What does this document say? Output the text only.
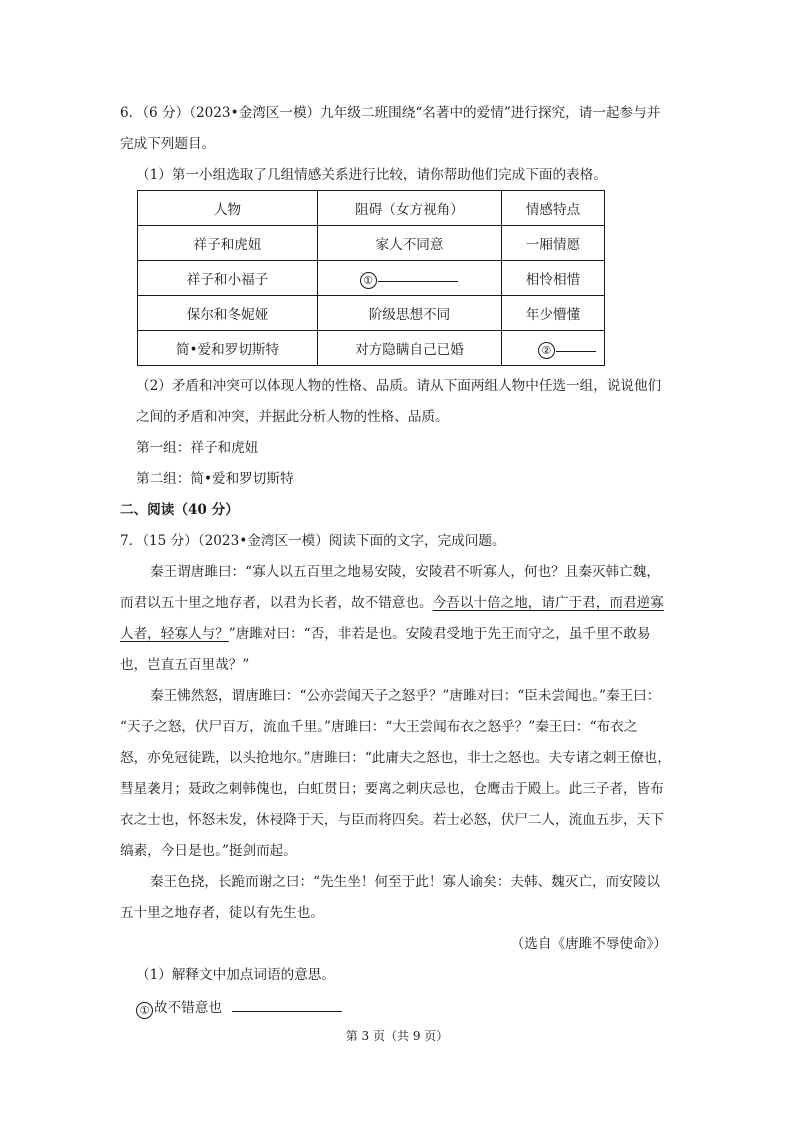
6．（6 分）（2023•金湾区一模）九年级二班围绕“名著中的爱情”进行探究，请一起参与并
完成下列题目。
（1）第一小组选取了几组情感关系进行比较，请你帮助他们完成下面的表格。
人物	阻碍（女方视角）	情感特点
祥子和虎妞	家人不同意	一厢情愿
祥子和小福子	①	相怜相惜
保尔和冬妮娅	阶级思想不同	年少懵懂
简•爱和罗切斯特	对方隐瞒自己已婚	②
（2）矛盾和冲突可以体现人物的性格、品质。请从下面两组人物中任选一组，说说他们
之间的矛盾和冲突，并据此分析人物的性格、品质。
第一组：祥子和虎妞
第二组：简•爱和罗切斯特
二、阅读（40 分）
7．（15 分）（2023•金湾区一模）阅读下面的文字，完成问题。
秦王谓唐雎曰：“寡人以五百里之地易安陵，安陵君不听寡人，何也？且秦灭韩亡魏，
而君以五十里之地存者，以君为长者，故不错意也。今吾以十倍之地，请广于君，而君逆寡
人者，轻寡人与？”唐雎对曰：“否，非若是也。安陵君受地于先王而守之，虽千里不敢易
也，岂直五百里哉？”
秦王怫然怒，谓唐雎曰：“公亦尝闻天子之怒乎？”唐雎对曰：“臣未尝闻也。”秦王曰：
“天子之怒，伏尸百万，流血千里。”唐雎曰：“大王尝闻布衣之怒乎？”秦王曰：“布衣之
怒，亦免冠徒跣，以头抢地尔。”唐雎曰：“此庸夫之怒也，非士之怒也。夫专诸之刺王僚也，
彗星袭月；聂政之刺韩傀也，白虹贯日；要离之刺庆忌也，仓鹰击于殿上。此三子者，皆布
衣之士也，怀怒未发，休祲降于天，与臣而将四矣。若士必怒，伏尸二人，流血五步，天下
缟素，今日是也。”挺剑而起。
秦王色挠，长跪而谢之曰：“先生坐！何至于此！寡人谕矣：夫韩、魏灭亡，而安陵以
五十里之地存者，徒以有先生也。
（选自《唐雎不辱使命》）
（1）解释文中加点词语的意思。
① 故不错意也
第 3 页（共 9 页）
